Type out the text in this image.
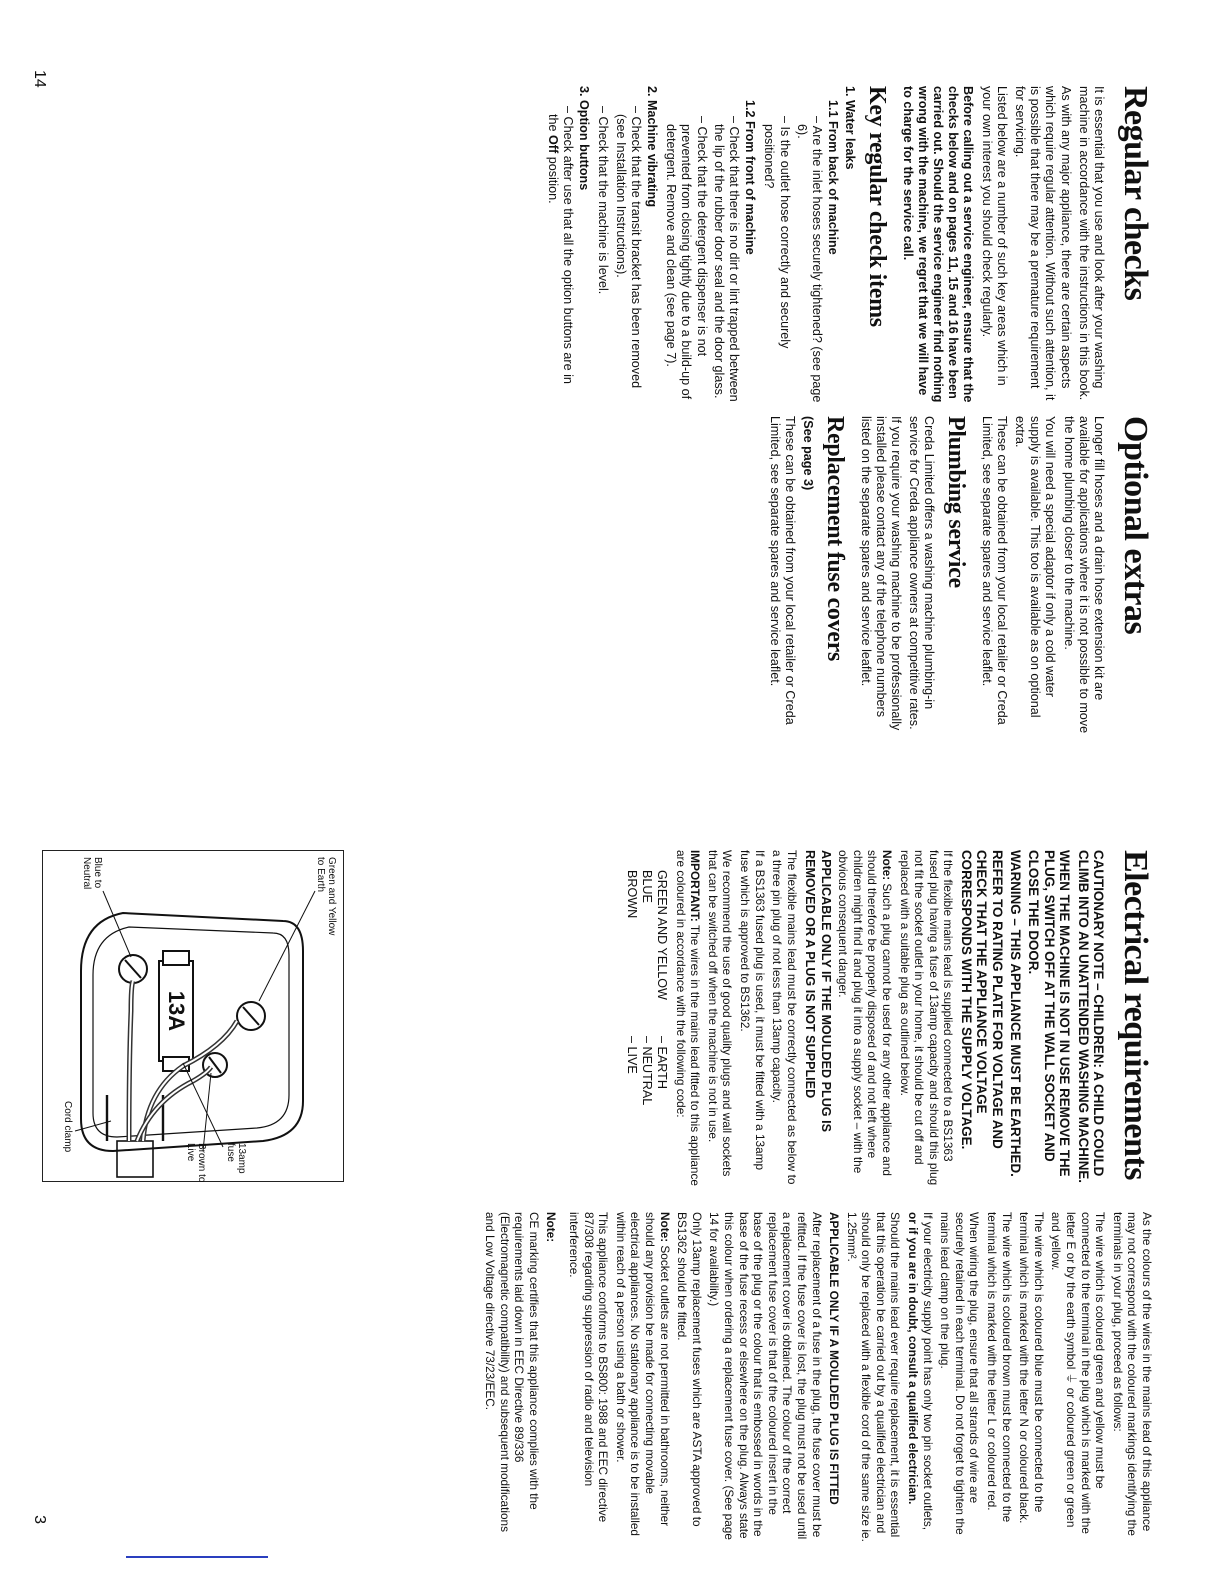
Regular checks

It is essential that you use and look after your washing machine in accordance with the instructions in this book.

As with any major appliance, there are certain aspects which require regular attention. Without such attention, it is possible that there may be a premature requirement for servicing.

Listed below are a number of such key areas which in your own interest you should check regularly.

Before calling out a service engineer, ensure that the checks below and on pages 11, 15 and 16 have been carried out. Should the service engineer find nothing wrong with the machine, we regret that we will have to charge for the service call.

Key regular check items
1. Water leaks
1.1 From back of machine
– Are the inlet hoses securely tightened? (see page 6).
– Is the outlet hose correctly and securely positioned?
1.2 From front of machine
– Check that there is no dirt or lint trapped between the lip of the rubber door seal and the door glass.
– Check that the detergent dispenser is not prevented from closing tightly due to a build-up of detergent. Remove and clean (see page 7).
2. Machine vibrating
– Check that the transit bracket has been removed (see Installation Instructions).
– Check that the machine is level.
3. Option buttons
– Check after use that all the option buttons are in the Off position.
Optional extras

Longer fill hoses and a drain hose extension kit are available for applications where it is not possible to move the home plumbing closer to the machine.

You will need a special adaptor if only a cold water supply is available. This too is available as on optional extra.

These can be obtained from your local retailer or Creda Limited, see separate spares and service leaflet.

Plumbing service

Creda Limited offers a washing machine plumbing-in service for Creda appliance owners at competitive rates.

If you require your washing machine to be professionally installed please contact any of the telephone numbers listed on the separate spares and service leaflet.

Replacement fuse covers

(See page 3)

These can be obtained from your local retailer or Creda Limited, see separate spares and service leaflet.

14
Electrical requirements

CAUTIONARY NOTE – CHILDREN: A CHILD COULD CLIMB INTO AN UNATTENDED WASHING MACHINE.

WHEN THE MACHINE IS NOT IN USE REMOVE THE PLUG, SWITCH OFF AT THE WALL SOCKET AND CLOSE THE DOOR.

WARNING – THIS APPLIANCE MUST BE EARTHED.

REFER TO RATING PLATE FOR VOLTAGE AND CHECK THAT THE APPLIANCE VOLTAGE CORRESPONDS WITH THE SUPPLY VOLTAGE.

If the flexible mains lead is supplied connected to a BS1363 fused plug having a fuse of 13amp capacity and should this plug not fit the socket outlet in your home, it should be cut off and replaced with a suitable plug as outlined below.

Note: Such a plug cannot be used for any other appliance and should therefore be properly disposed of and not left where children might find it and plug it into a supply socket – with the obvious consequent danger.

APPLICABLE ONLY IF THE MOULDED PLUG IS REMOVED OR A PLUG IS NOT SUPPLIED

The flexible mains lead must be correctly connected as below to a three pin plug of not less than 13amp capacity.

If a BS1363 fused plug is used, it must be fitted with a 13amp fuse which is approved to BS1362.

We recommend the use of good quality plugs and wall sockets that can be switched off when the machine is not in use.

IMPORTANT: The wires in the mains lead fitted to this appliance are coloured in accordance with the following code:

GREEN AND YELLOW
– EARTH
BLUE
– NEUTRAL
BROWN
– LIVE

As the colours of the wires in the mains lead of this appliance may not correspond with the coloured markings identifying the terminals in your plug, proceed as follows:

The wire which is coloured green and yellow must be connected to the terminal in the plug which is marked with the letter E or by the earth symbol ⏚ or coloured green or green and yellow.

The wire which is coloured blue must be connected to the terminal which is marked with the letter N or coloured black.

The wire which is coloured brown must be connected to the terminal which is marked with the letter L or coloured red.

When wiring the plug, ensure that all strands of wire are securely retained in each terminal. Do not forget to tighten the mains lead clamp on the plug.

If your electricity supply point has only two pin socket outlets, or if you are in doubt, consult a qualified electrician.

Should the mains lead ever require replacement, it is essential that this operation be carried out by a qualified electrician and should only be replaced with a flexible cord of the same size ie. 1.25mm².

APPLICABLE ONLY IF A MOULDED PLUG IS FITTED

After replacement of a fuse in the plug, the fuse cover must be refitted. If the fuse cover is lost, the plug must not be used until a replacement cover is obtained. The colour of the correct replacement fuse cover is that of the coloured insert in the base of the plug or the colour that is embossed in words in the base of the fuse recess or elsewhere on the plug. Always state this colour when ordering a replacement fuse cover. (See page 14 for availability.)

Only 13amp replacement fuses which are ASTA approved to BS1362 should be fitted.

Note: Socket outlets are not permitted in bathrooms, neither should any provision be made for connecting movable electrical appliances. No stationary appliance is to be installed within reach of a person using a bath or shower.

This appliance conforms to BS800: 1988 and EEC directive 87/308 regarding suppression of radio and television interference.

Note:

CE marking certifies that this appliance complies with the requirements laid down in EEC Directive 89/336 (Electromagnetic compatibility) and subsequent modifications and Low Voltage directive 73/23/EEC.

13A
Green and Yellow to Earth
Blue to Neutral
13amp fuse
Brown to Live
Cord clamp
3
